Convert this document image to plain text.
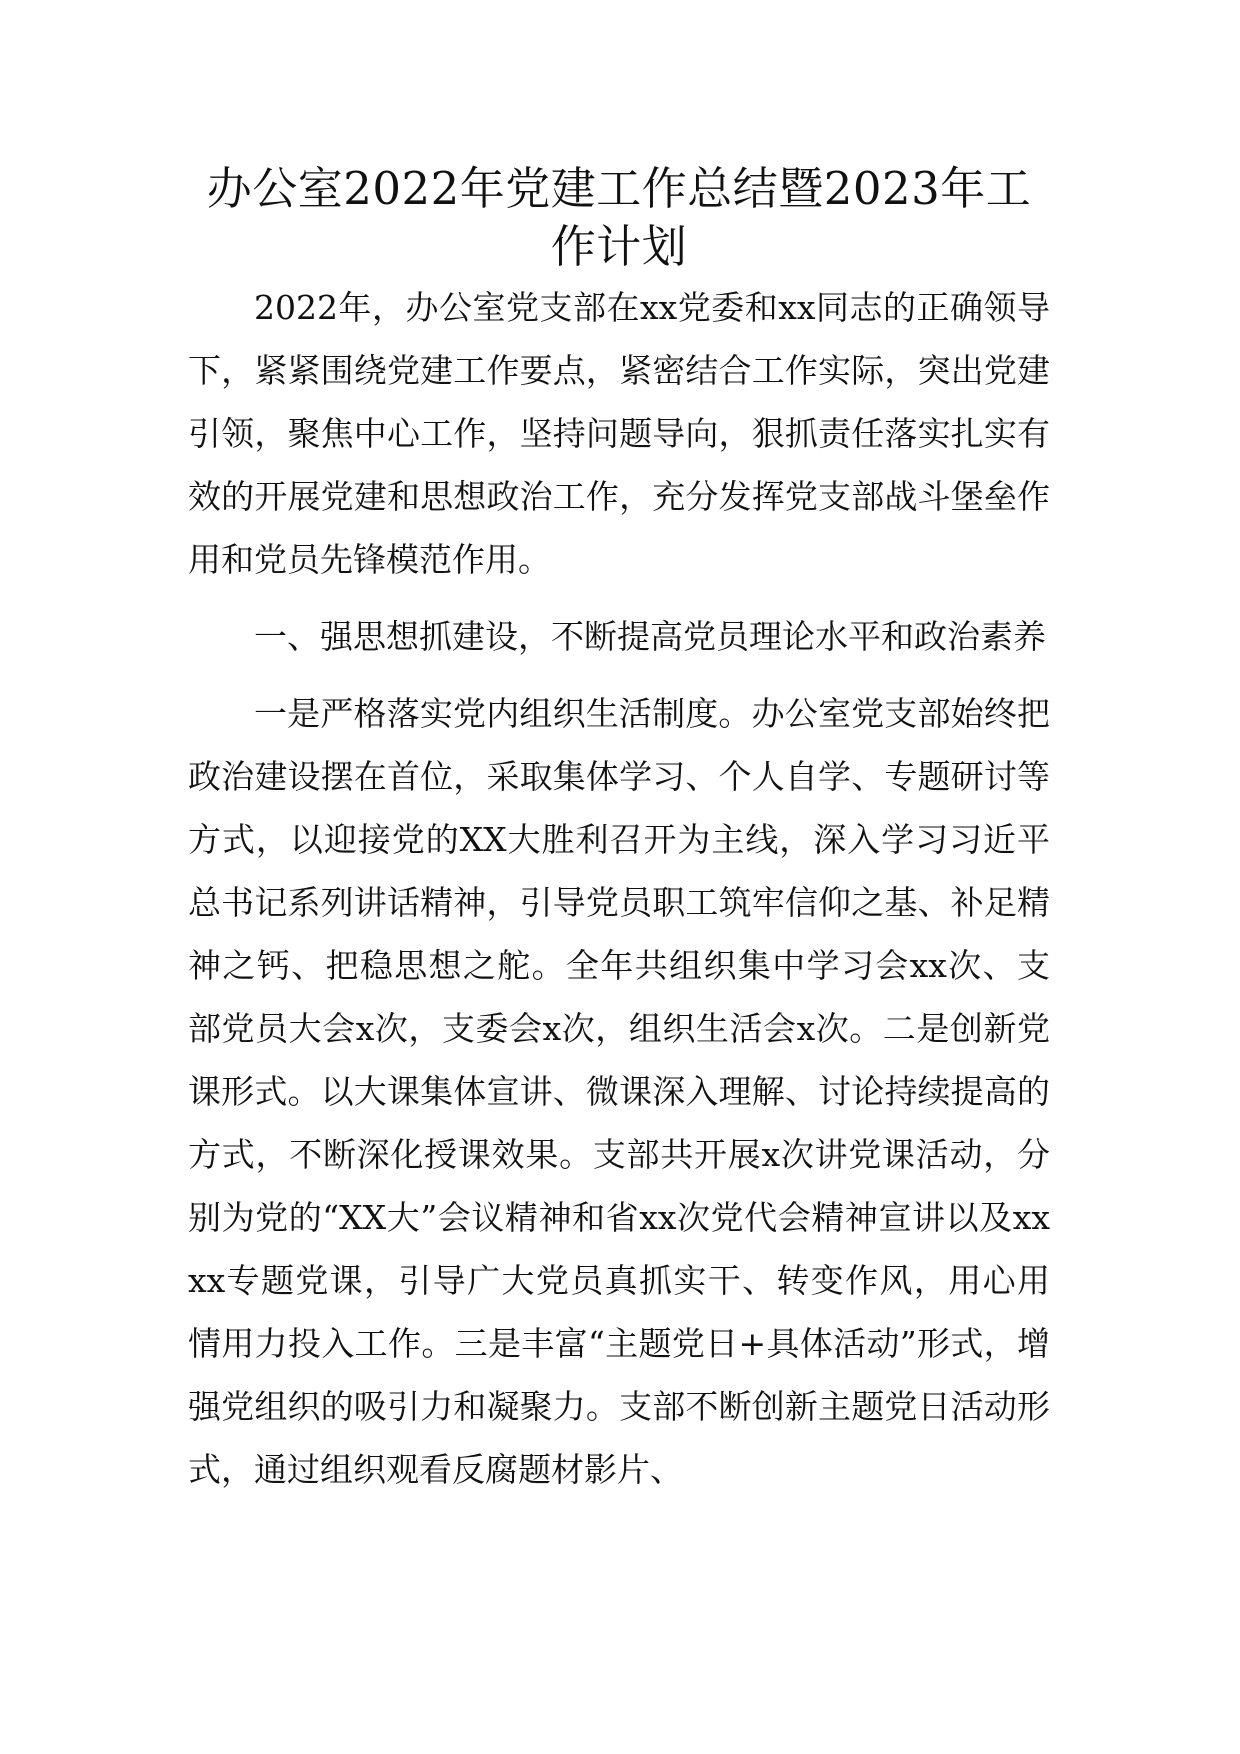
办公室2022年党建工作总结暨2023年工作计划

2022年，办公室党支部在xx党委和xx同志的正确领导下，紧紧围绕党建工作要点，紧密结合工作实际，突出党建引领，聚焦中心工作，坚持问题导向，狠抓责任落实扎实有效的开展党建和思想政治工作，充分发挥党支部战斗堡垒作用和党员先锋模范作用。

一、强思想抓建设，不断提高党员理论水平和政治素养

一是严格落实党内组织生活制度。办公室党支部始终把政治建设摆在首位，采取集体学习、个人自学、专题研讨等方式，以迎接党的XX大胜利召开为主线，深入学习习近平总书记系列讲话精神，引导党员职工筑牢信仰之基、补足精神之钙、把稳思想之舵。全年共组织集中学习会xx次、支部党员大会x次，支委会x次，组织生活会x次。二是创新党课形式。以大课集体宣讲、微课深入理解、讨论持续提高的方式，不断深化授课效果。支部共开展x次讲党课活动，分别为党的“XX大”会议精神和省xx次党代会精神宣讲以及xxxx专题党课，引导广大党员真抓实干、转变作风，用心用情用力投入工作。三是丰富“主题党日+具体活动”形式，增强党组织的吸引力和凝聚力。支部不断创新主题党日活动形式，通过组织观看反腐题材影片、
